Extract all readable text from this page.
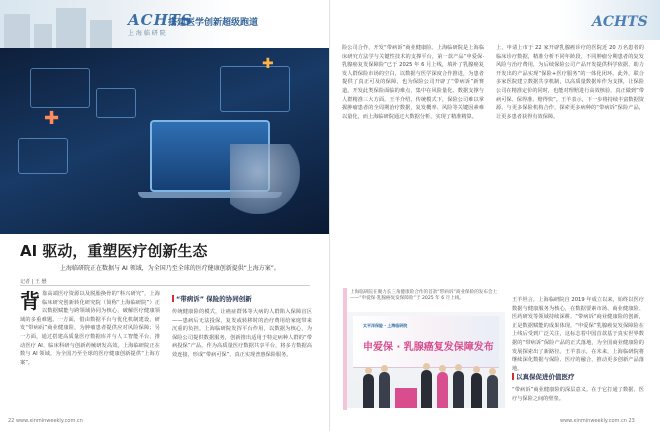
ACHTS
上 海 临 研 院
搭建医学创新超级跑道
✚
✚
AI 驱动，重塑医疗创新生态
上海临研院正在数据与 AI 领域，为全国乃至全球的医疗健康创新提供“上海方案”。
记者 | 王 懋
背 靠高端医疗资源以及脱胎换骨的“科兴研究”，上海临床研究创新转化研究院（简称“上海临研院”）正以数据赋能与跨领域协同为核心，破解医疗健康领域的多重难题。一方面，借由数据平台与优化机制建设，研发“带病码”商业健康险，为肿瘤患者提供应对风险保障；另一方面，通过搭建高质量医疗数据库并与人工智能平台，推动医疗 AI、临床科研与创新药械研发高效。上海临研院正在数与 AI 领域，为全国乃至全球的医疗健康创新提供“上海方案”。
“带病诉” 保险的协同创新
传统健康险的模式，让癌症群体等大病的人群陷入保障盲区——患病后无法投保，复发或转移时的治疗费用给家庭带来沉重的负担。上海临研院发挥平台作用，以数据为核心，为保险公司提供数据服务，创新推出适用于特定病种人群的“带病投保”产品。作为高质量医疗数据共享平台，将多方数据高效连接，形成“带病可保”，真正实现普惠保险服务。
22 www.xinminweekly.com.cn
ACHTS
险公司合作，开发“带病诉”商业健康险。上海临研院是上海临床研究方法学与关键性技术的支撑平台，第一款产品“申爱保·乳腺癌复发保障险”已于 2025 年 6 月上线，填补了乳腺癌复发人群保险市场的空白，以数据与医学深度合作推进，为患者提供了真正可及的保障，也为保险公司开辟了“带病诉”新赛道。开发此类保险面临的难点，集中在风险量化、数据支撑与人群精准三大方面。王羊介绍，传统模式下，保险公司难以掌握肿瘤患者的全周期治疗数据，复发概率、风险等关键因素难以量化，而上海临研院通过大数据分析，实现了精准精算。
上，申请上市于 22 家开辟乳腺癌诊疗的医院近 20 万名患者的临床诊疗数据，精准分析不同年龄段、不同肿瘤分期患者的复发风险与治疗费用，为后续保险公司产品开发提供科学依据，助力开发出的产品实现“保险+医疗服务”的一体化闭环。此外，联合多家医院建立数据共享机制，以高质量数据库作为支撑，让保险公司在精准定价的同时，也能对理赔进行高效核验，真正做到“带病可保、保得准、赔得快”。王羊表示，下一步将持续丰富数据资源，与更多保险机构合作，探索更多病种的“带病诉”保险产品，让更多患者获得有效保障。
上海临研院在聚力长三角健康险合作的首款“带病诉”商业保险的发布会上——“申爱保·乳腺癌复发保障险”于 2025 年 6 月上线。
太平洋保险 · 上海临研院
申爱保 · 乳腺癌复发保障发布
王羊坦言，上海临研院自 2019 年成立以来，始终以医疗数据与健康服务为核心，在数据要素市场、商业健康险、医药研发等领域持续深耕。“带病诉”商业健康险的创新，正是数据赋能的成果体现。“申爱保”乳腺癌复发保障险在上线后受到广泛关注，这标志着中国首款基于真实世界数据的“带病诉”保险产品的正式落地，为全国商业健康险的发展探索出了新路径。王羊表示，在未来，上海临研院将继续深化数据与保险、医疗的融合，推动更多创新产品落地。
以真保促进价值医疗
“带病诉”商业健康险的深层意义，在于它打通了数据、医疗与保险之间的壁垒。
www.xinminweekly.com.cn 23
